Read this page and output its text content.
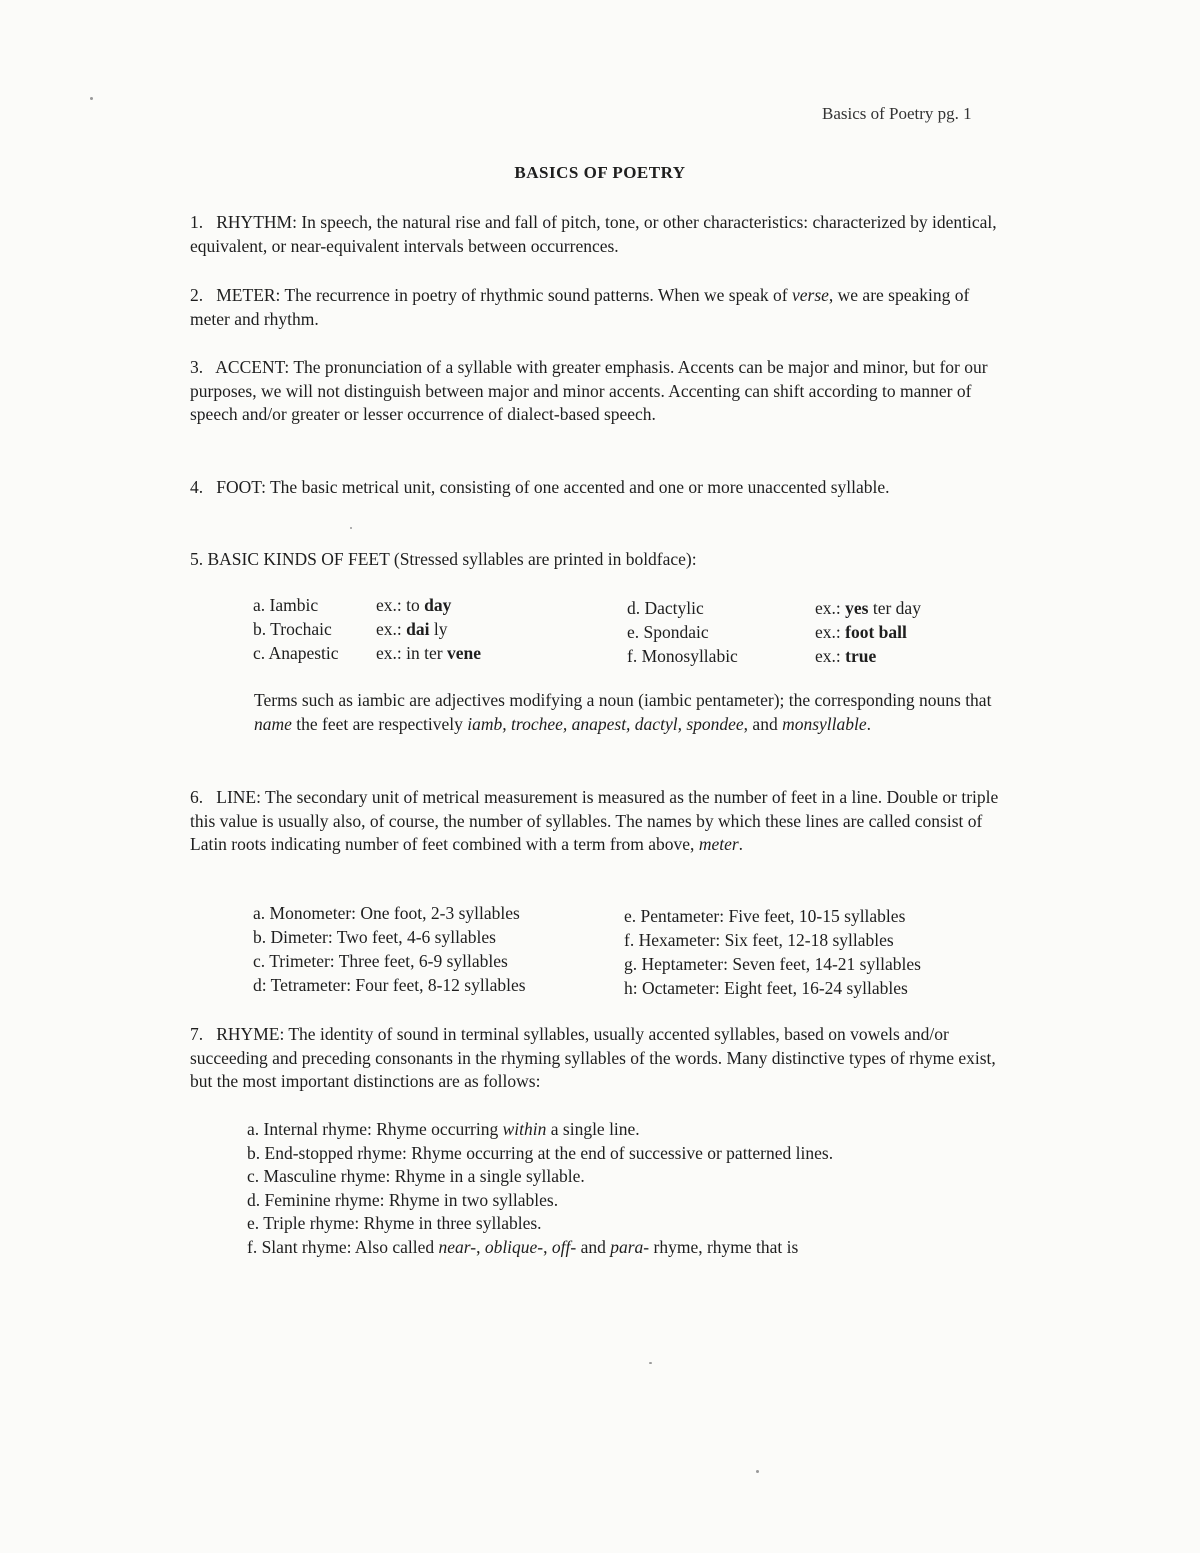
Basics of Poetry pg. 1
BASICS OF POETRY
1. RHYTHM: In speech, the natural rise and fall of pitch, tone, or other characteristics: characterized by identical, equivalent, or near-equivalent intervals between occurrences.
2. METER: The recurrence in poetry of rhythmic sound patterns. When we speak of verse, we are speaking of meter and rhythm.
3. ACCENT: The pronunciation of a syllable with greater emphasis. Accents can be major and minor, but for our purposes, we will not distinguish between major and minor accents. Accenting can shift according to manner of speech and/or greater or lesser occurrence of dialect-based speech.
4. FOOT: The basic metrical unit, consisting of one accented and one or more unaccented syllable.
5. BASIC KINDS OF FEET (Stressed syllables are printed in boldface):
a. Iambic	ex.: to day
b. Trochaic	ex.: dai ly
c. Anapestic ex.: in ter vene
d. Dactylic	ex.: yes ter day
e. Spondaic	ex.: foot ball
f. Monosyllabic	ex.: true
Terms such as iambic are adjectives modifying a noun (iambic pentameter); the corresponding nouns that name the feet are respectively iamb, trochee, anapest, dactyl, spondee, and monsyllable.
6. LINE: The secondary unit of metrical measurement is measured as the number of feet in a line. Double or triple this value is usually also, of course, the number of syllables. The names by which these lines are called consist of Latin roots indicating number of feet combined with a term from above, meter.
a. Monometer: One foot, 2-3 syllables
b. Dimeter: Two feet, 4-6 syllables
c. Trimeter: Three feet, 6-9 syllables
d: Tetrameter: Four feet, 8-12 syllables
e. Pentameter: Five feet, 10-15 syllables
f. Hexameter: Six feet, 12-18 syllables
g. Heptameter: Seven feet, 14-21 syllables
h: Octameter: Eight feet, 16-24 syllables
7. RHYME: The identity of sound in terminal syllables, usually accented syllables, based on vowels and/or succeeding and preceding consonants in the rhyming syllables of the words. Many distinctive types of rhyme exist, but the most important distinctions are as follows:
a. Internal rhyme: Rhyme occurring within a single line.
b. End-stopped rhyme: Rhyme occurring at the end of successive or patterned lines.
c. Masculine rhyme: Rhyme in a single syllable.
d. Feminine rhyme: Rhyme in two syllables.
e. Triple rhyme: Rhyme in three syllables.
f. Slant rhyme: Also called near-, oblique-, off- and para- rhyme, rhyme that is
